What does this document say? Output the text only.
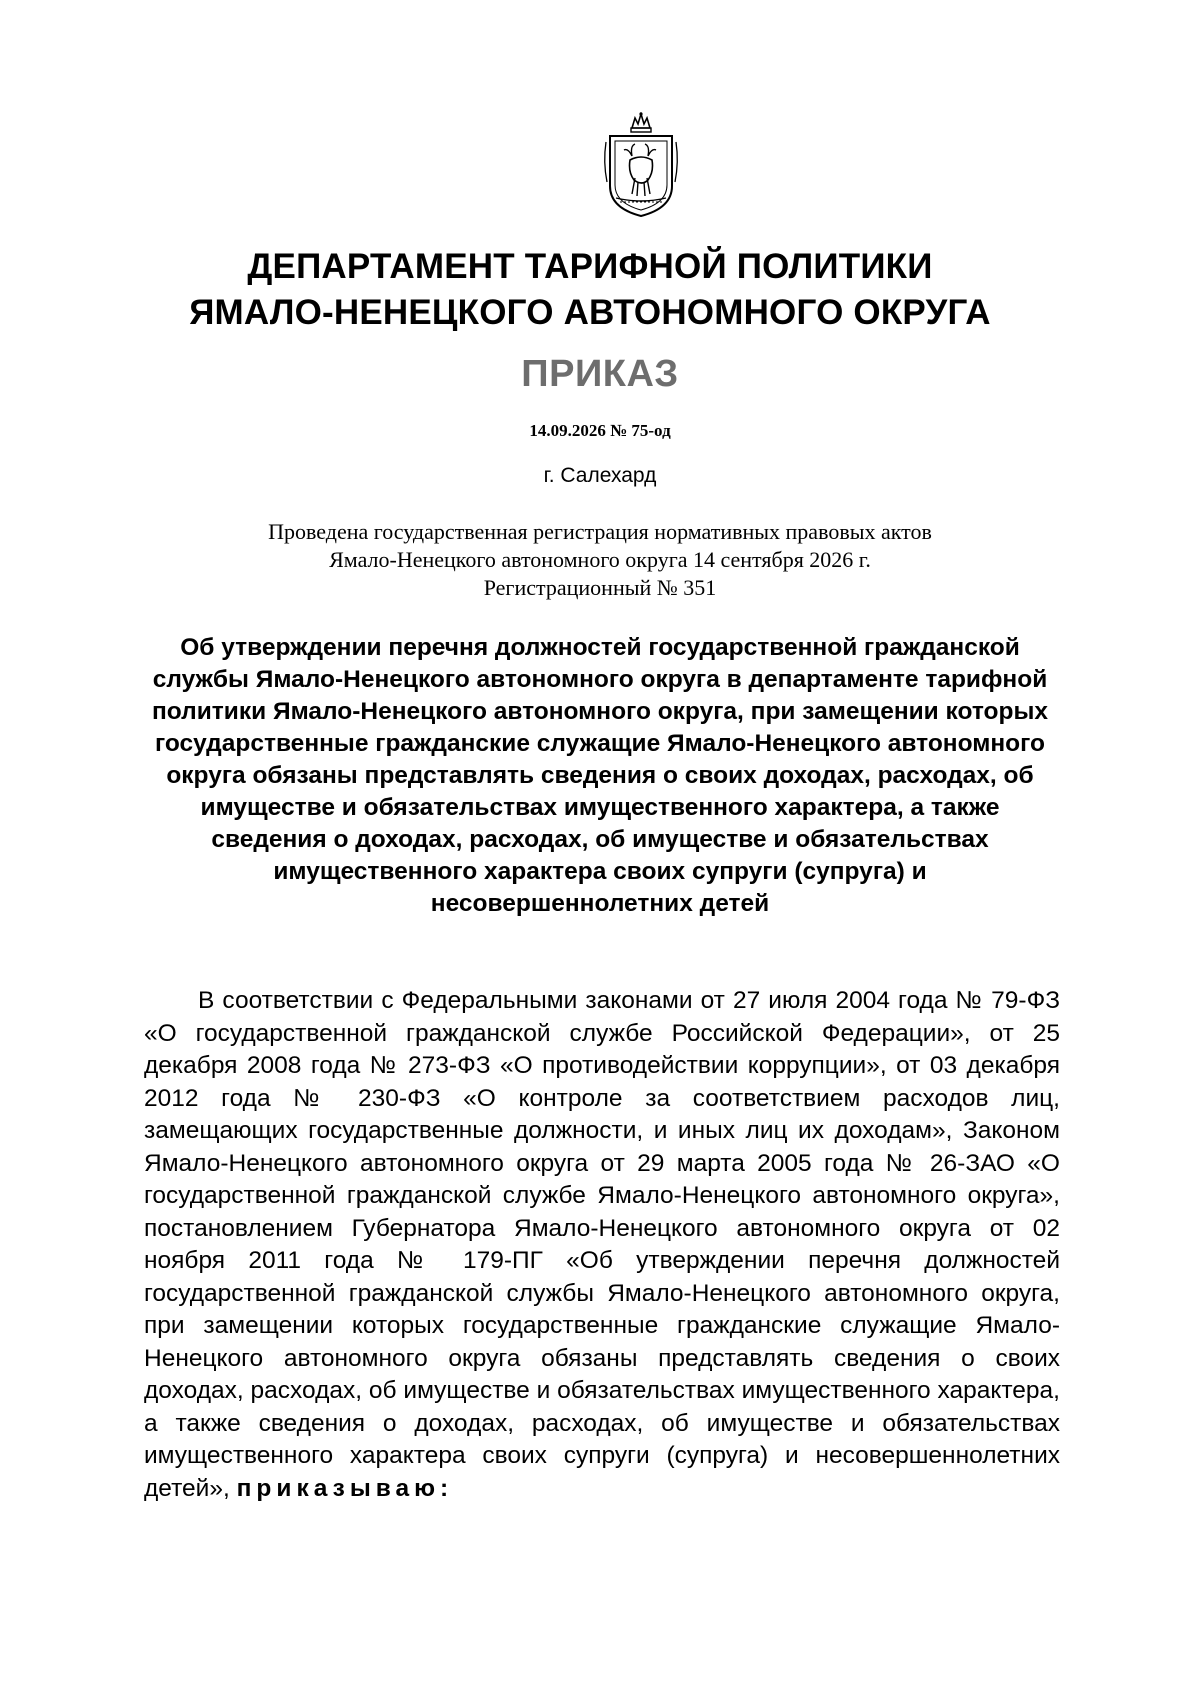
ДЕПАРТАМЕНТ ТАРИФНОЙ ПОЛИТИКИ
ЯМАЛО-НЕНЕЦКОГО АВТОНОМНОГО ОКРУГА
ПРИКАЗ
14.09.2026 № 75-од
г. Салехард
Проведена государственная регистрация нормативных правовых актов
Ямало-Ненецкого автономного округа 14 сентября 2026 г.
Регистрационный № 351
Об утверждении перечня должностей государственной гражданской службы Ямало-Ненецкого автономного округа в департаменте тарифной политики Ямало-Ненецкого автономного округа, при замещении которых государственные гражданские служащие Ямало-Ненецкого автономного округа обязаны представлять сведения о своих доходах, расходах, об имуществе и обязательствах имущественного характера, а также сведения о доходах, расходах, об имуществе и обязательствах имущественного характера своих супруги (супруга) и несовершеннолетних детей
В соответствии с Федеральными законами от 27 июля 2004 года № 79-ФЗ «О государственной гражданской службе Российской Федерации», от 25 декабря 2008 года № 273-ФЗ «О противодействии коррупции», от 03 декабря 2012 года № 230-ФЗ «О контроле за соответствием расходов лиц, замещающих государственные должности, и иных лиц их доходам», Законом Ямало-Ненецкого автономного округа от 29 марта 2005 года № 26-ЗАО «О государственной гражданской службе Ямало-Ненецкого автономного округа», постановлением Губернатора Ямало-Ненецкого автономного округа от 02 ноября 2011 года № 179-ПГ «Об утверждении перечня должностей государственной гражданской службы Ямало-Ненецкого автономного округа, при замещении которых государственные гражданские служащие Ямало-Ненецкого автономного округа обязаны представлять сведения о своих доходах, расходах, об имуществе и обязательствах имущественного характера, а также сведения о доходах, расходах, об имуществе и обязательствах имущественного характера своих супруги (супруга) и несовершеннолетних детей», приказываю:
